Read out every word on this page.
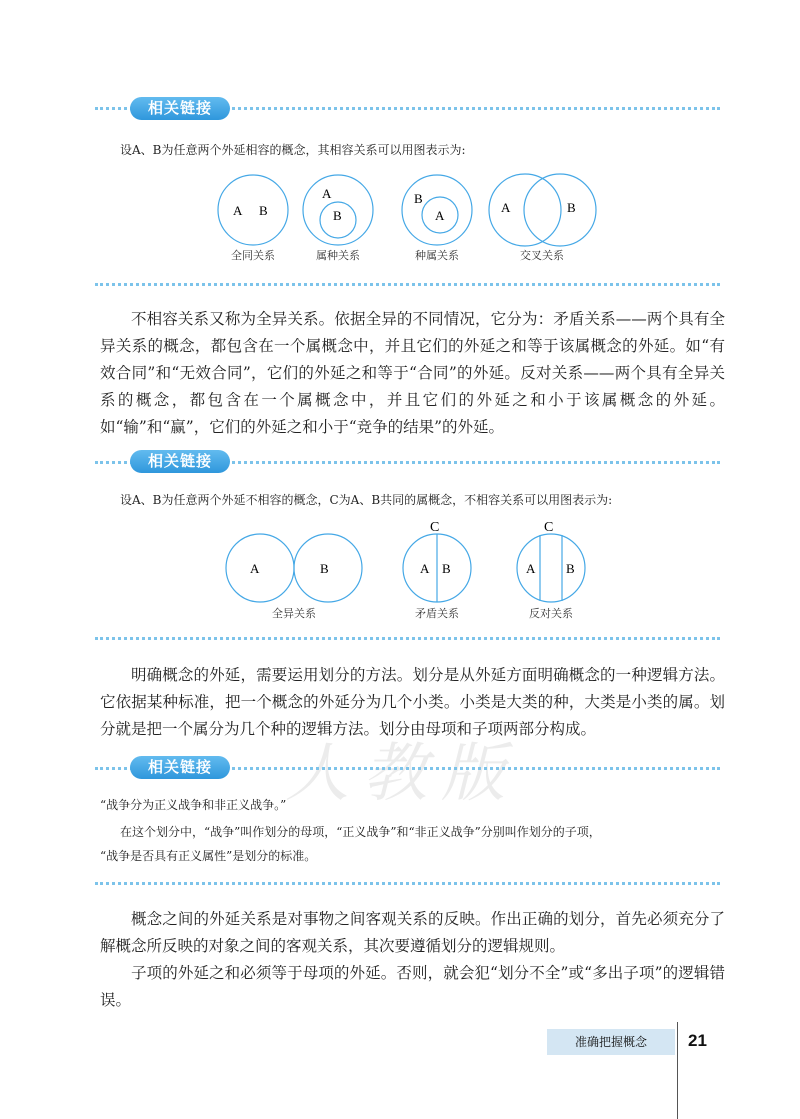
相关链接
设A、B为任意两个外延相容的概念，其相容关系可以用图表示为:
A B
A
B
B
A
A	B
全同关系	属种关系	种属关系	交叉关系

不相容关系又称为全异关系。依据全异的不同情况，它分为：矛盾关系——两个具有全异关系的概念，都包含在一个属概念中，并且它们的外延之和等于该属概念的外延。如“有效合同”和“无效合同”，它们的外延之和等于“合同”的外延。反对关系——两个具有全异关系的概念，都包含在一个属概念中，并且它们的外延之和小于该属概念的外延。如“输”和“赢”，它们的外延之和小于“竞争的结果”的外延。

相关链接
设A、B为任意两个外延不相容的概念，C为A、B共同的属概念，不相容关系可以用图表示为:
A	B
C
A B
C
A B
全异关系	矛盾关系	反对关系

明确概念的外延，需要运用划分的方法。划分是从外延方面明确概念的一种逻辑方法。它依据某种标准，把一个概念的外延分为几个小类。小类是大类的种，大类是小类的属。划分就是把一个属分为几个种的逻辑方法。划分由母项和子项两部分构成。

人教版
相关链接
“战争分为正义战争和非正义战争。”
在这个划分中，“战争”叫作划分的母项，“正义战争”和“非正义战争”分别叫作划分的子项，
“战争是否具有正义属性”是划分的标准。

概念之间的外延关系是对事物之间客观关系的反映。作出正确的划分，首先必须充分了解概念所反映的对象之间的客观关系，其次要遵循划分的逻辑规则。

子项的外延之和必须等于母项的外延。否则，就会犯“划分不全”或“多出子项”的逻辑错误。

准确把握概念	21
